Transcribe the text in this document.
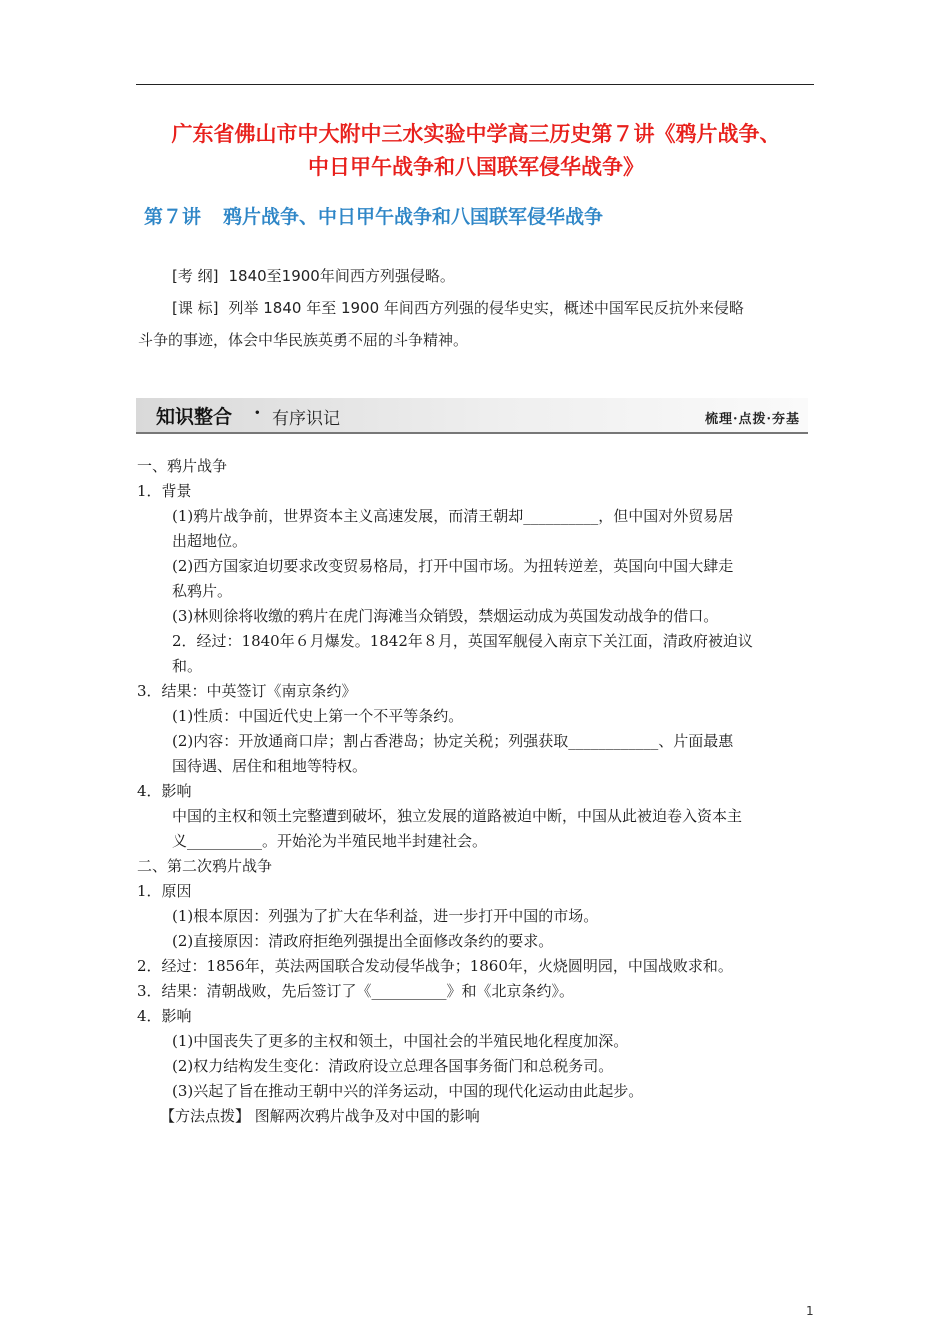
广东省佛山市中大附中三水实验中学高三历史第７讲《鸦片战争、
中日甲午战争和八国联军侵华战争》
第７讲 鸦片战争、中日甲午战争和八国联军侵华战争
[考 纲] 1840至1900年间西方列强侵略。
[课 标] 列举 1840 年至 1900 年间西方列强的侵华史实，概述中国军民反抗外来侵略
斗争的事迹，体会中华民族英勇不屈的斗争精神。
知识整合 · 有序识记	梳理·点拨·夯基
一、鸦片战争
1．背景
(1)鸦片战争前，世界资本主义高速发展，而清王朝却__________，但中国对外贸易居
出超地位。
(2)西方国家迫切要求改变贸易格局，打开中国市场。为扭转逆差，英国向中国大肆走
私鸦片。
(3)林则徐将收缴的鸦片在虎门海滩当众销毁，禁烟运动成为英国发动战争的借口。
2．经过：1840年６月爆发。1842年８月，英国军舰侵入南京下关江面，清政府被迫议
和。
3．结果：中英签订《南京条约》
(1)性质：中国近代史上第一个不平等条约。
(2)内容：开放通商口岸；割占香港岛；协定关税；列强获取____________、片面最惠
国待遇、居住和租地等特权。
4．影响
中国的主权和领土完整遭到破坏，独立发展的道路被迫中断，中国从此被迫卷入资本主
义__________。开始沦为半殖民地半封建社会。
二、第二次鸦片战争
1．原因
(1)根本原因：列强为了扩大在华利益，进一步打开中国的市场。
(2)直接原因：清政府拒绝列强提出全面修改条约的要求。
2．经过：1856年，英法两国联合发动侵华战争；1860年，火烧圆明园，中国战败求和。
3．结果：清朝战败，先后签订了《__________》和《北京条约》。
4．影响
(1)中国丧失了更多的主权和领土，中国社会的半殖民地化程度加深。
(2)权力结构发生变化：清政府设立总理各国事务衙门和总税务司。
(3)兴起了旨在推动王朝中兴的洋务运动，中国的现代化运动由此起步。
【方法点拨】 图解两次鸦片战争及对中国的影响
1
